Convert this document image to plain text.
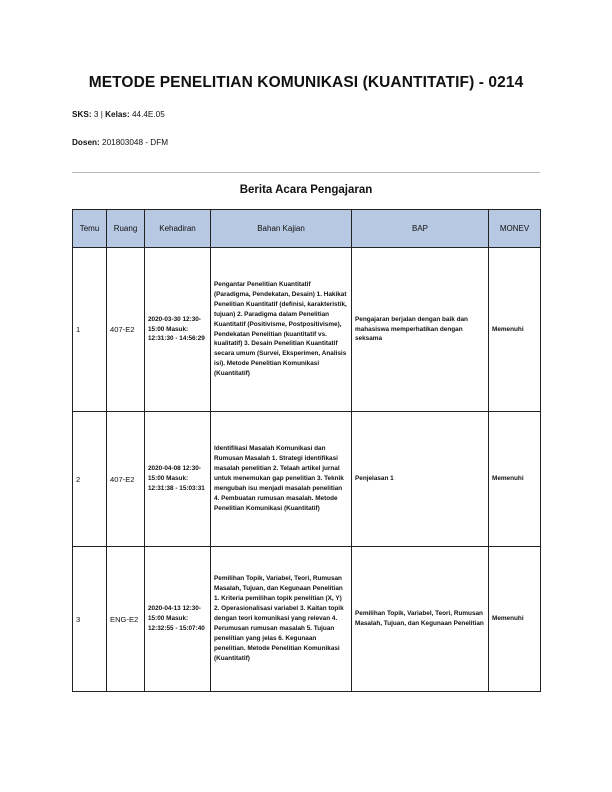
METODE PENELITIAN KOMUNIKASI (KUANTITATIF) - 0214
SKS: 3 | Kelas: 44.4E.05
Dosen: 201803048 - DFM
Berita Acara Pengajaran
Temu	Ruang	Kehadiran	Bahan Kajian	BAP	MONEV
1	407-E2	2020-03-30 12:30-15:00 Masuk: 12:31:30 - 14:56:29	Pengantar Penelitian Kuantitatif (Paradigma, Pendekatan, Desain) 1. Hakikat Penelitian Kuantitatif (definisi, karakteristik, tujuan) 2. Paradigma dalam Penelitian Kuantitatif (Positivisme, Postpositivisme), Pendekatan Penelitian (kuantitatif vs. kualitatif) 3. Desain Penelitian Kuantitatif secara umum (Survei, Eksperimen, Analisis isi). Metode Penelitian Komunikasi (Kuantitatif)	Pengajaran berjalan dengan baik dan mahasiswa memperhatikan dengan seksama	Memenuhi
2	407-E2	2020-04-08 12:30-15:00 Masuk: 12:31:38 - 15:03:31	Identifikasi Masalah Komunikasi dan Rumusan Masalah 1. Strategi identifikasi masalah penelitian 2. Telaah artikel jurnal untuk menemukan gap penelitian 3. Teknik mengubah isu menjadi masalah penelitian 4. Pembuatan rumusan masalah. Metode Penelitian Komunikasi (Kuantitatif)	Penjelasan 1	Memenuhi
3	ENG-E2	2020-04-13 12:30-15:00 Masuk: 12:32:55 - 15:07:40	Pemilihan Topik, Variabel, Teori, Rumusan Masalah, Tujuan, dan Kegunaan Penelitian 1. Kriteria pemilihan topik penelitian (X, Y) 2. Operasionalisasi variabel 3. Kaitan topik dengan teori komunikasi yang relevan 4. Perumusan rumusan masalah 5. Tujuan penelitian yang jelas 6. Kegunaan penelitian. Metode Penelitian Komunikasi (Kuantitatif)	Pemilihan Topik, Variabel, Teori, Rumusan Masalah, Tujuan, dan Kegunaan Penelitian	Memenuhi
